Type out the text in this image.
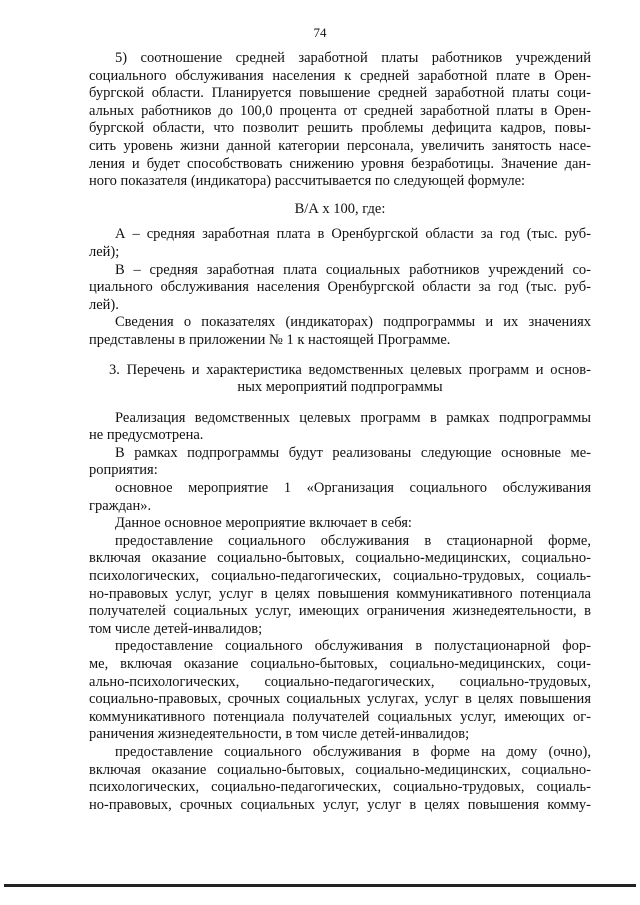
74
5) соотношение средней заработной платы работников учреждений
социального обслуживания населения к средней заработной плате в Орен-
бургской области. Планируется повышение средней заработной платы соци-
альных работников до 100,0 процента от средней заработной платы в Орен-
бургской области, что позволит решить проблемы дефицита кадров, повы-
сить уровень жизни данной категории персонала, увеличить занятость насе-
ления и будет способствовать снижению уровня безработицы. Значение дан-
ного показателя (индикатора) рассчитывается по следующей формуле:
В/А х 100, где:
А – средняя заработная плата в Оренбургской области за год (тыс. руб-
лей);
В – средняя заработная плата социальных работников учреждений со-
циального обслуживания населения Оренбургской области за год (тыс. руб-
лей).
Сведения о показателях (индикаторах) подпрограммы и их значениях
представлены в приложении № 1 к настоящей Программе.
3. Перечень и характеристика ведомственных целевых программ и основ-
ных мероприятий подпрограммы
Реализация ведомственных целевых программ в рамках подпрограммы
не предусмотрена.
В рамках подпрограммы будут реализованы следующие основные ме-
роприятия:
основное мероприятие 1 «Организация социального обслуживания
граждан».
Данное основное мероприятие включает в себя:
предоставление социального обслуживания в стационарной форме,
включая оказание социально-бытовых, социально-медицинских, социально-
психологических, социально-педагогических, социально-трудовых, социаль-
но-правовых услуг, услуг в целях повышения коммуникативного потенциала
получателей социальных услуг, имеющих ограничения жизнедеятельности, в
том числе детей-инвалидов;
предоставление социального обслуживания в полустационарной фор-
ме, включая оказание социально-бытовых, социально-медицинских, соци-
ально-психологических, социально-педагогических, социально-трудовых,
социально-правовых, срочных социальных услугах, услуг в целях повышения
коммуникативного потенциала получателей социальных услуг, имеющих ог-
раничения жизнедеятельности, в том числе детей-инвалидов;
предоставление социального обслуживания в форме на дому (очно),
включая оказание социально-бытовых, социально-медицинских, социально-
психологических, социально-педагогических, социально-трудовых, социаль-
но-правовых, срочных социальных услуг, услуг в целях повышения комму-
